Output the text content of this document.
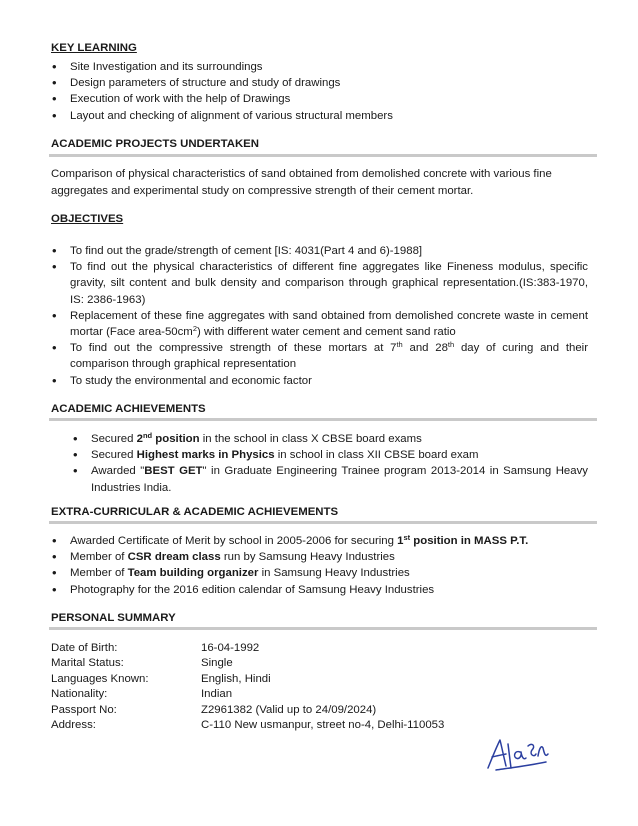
KEY LEARNING
• Site Investigation and its surroundings
• Design parameters of structure and study of drawings
• Execution of work with the help of Drawings
• Layout and checking of alignment of various structural members
ACADEMIC PROJECTS UNDERTAKEN
Comparison of physical characteristics of sand obtained from demolished concrete with various fine aggregates and experimental study on compressive strength of their cement mortar.
OBJECTIVES
• To find out the grade/strength of cement [IS: 4031(Part 4 and 6)-1988]
• To find out the physical characteristics of different fine aggregates like Fineness modulus, specific gravity, silt content and bulk density and comparison through graphical representation.(IS:383-1970, IS: 2386-1963)
• Replacement of these fine aggregates with sand obtained from demolished concrete waste in cement mortar (Face area-$50cm^2$) with different water cement and cement sand ratio
• To find out the compressive strength of these mortars at 7th and 28th day of curing and their comparison through graphical representation
• To study the environmental and economic factor
ACADEMIC ACHIEVEMENTS
• Secured 2nd position in the school in class X CBSE board exams
• Secured Highest marks in Physics in school in class XII CBSE board exam
• Awarded "BEST GET" in Graduate Engineering Trainee program 2013-2014 in Samsung Heavy Industries India.
EXTRA-CURRICULAR & ACADEMIC ACHIEVEMENTS
• Awarded Certificate of Merit by school in 2005-2006 for securing 1st position in MASS P.T.
• Member of CSR dream class run by Samsung Heavy Industries
• Member of Team building organizer in Samsung Heavy Industries
• Photography for the 2016 edition calendar of Samsung Heavy Industries
PERSONAL SUMMARY
Date of Birth:	16-04-1992
Marital Status:	Single
Languages Known:	English, Hindi
Nationality:	Indian
Passport No:	Z2961382 (Valid up to 24/09/2024)
Address:	C-110 New usmanpur, street no-4, Delhi-110053
